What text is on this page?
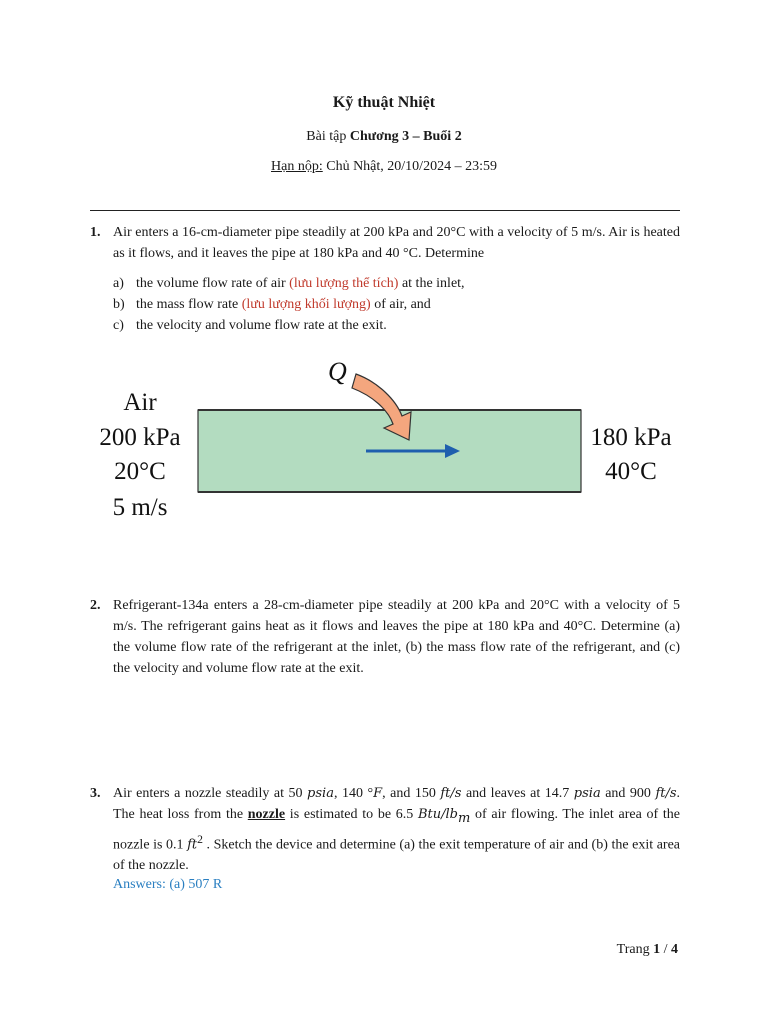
Kỹ thuật Nhiệt
Bài tập Chương 3 – Buổi 2
Hạn nộp: Chủ Nhật, 20/10/2024 – 23:59
1. Air enters a 16-cm-diameter pipe steadily at 200 kPa and 20°C with a velocity of 5 m/s. Air is heated as it flows, and it leaves the pipe at 180 kPa and 40 °C. Determine
a) the volume flow rate of air (lưu lượng thể tích) at the inlet,
b) the mass flow rate (lưu lượng khối lượng) of air, and
c) the velocity and volume flow rate at the exit.
Q
Air
200 kPa
20°C
5 m/s
180 kPa
40°C
2. Refrigerant-134a enters a 28-cm-diameter pipe steadily at 200 kPa and 20°C with a velocity of 5 m/s. The refrigerant gains heat as it flows and leaves the pipe at 180 kPa and 40°C. Determine (a) the volume flow rate of the refrigerant at the inlet, (b) the mass flow rate of the refrigerant, and (c) the velocity and volume flow rate at the exit.
3. Air enters a nozzle steadily at 50 psia, 140 °F, and 150 ft/s and leaves at 14.7 psia and 900 ft/s. The heat loss from the nozzle is estimated to be 6.5 Btu/$lb_m$ of air flowing. The inlet area of the nozzle is 0.1 $ft^2$ . Sketch the device and determine (a) the exit temperature of air and (b) the exit area of the nozzle.
Answers: (a) 507 R
Trang 1 / 4
